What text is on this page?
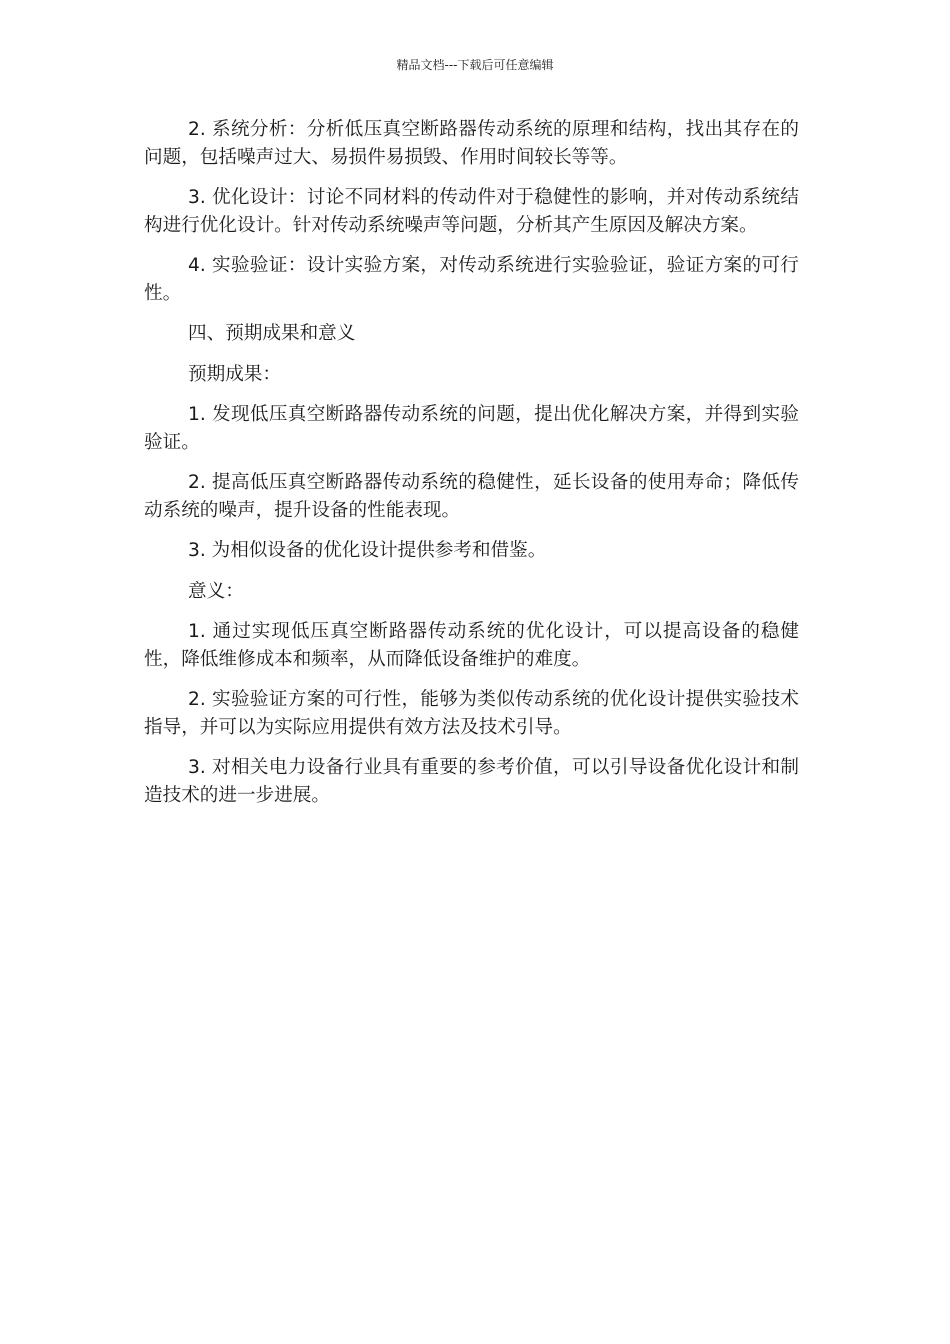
精品文档---下载后可任意编辑

2. 系统分析：分析低压真空断路器传动系统的原理和结构，找出其存在的问题，包括噪声过大、易损件易损毁、作用时间较长等等。

3. 优化设计：讨论不同材料的传动件对于稳健性的影响，并对传动系统结构进行优化设计。针对传动系统噪声等问题，分析其产生原因及解决方案。

4. 实验验证：设计实验方案，对传动系统进行实验验证，验证方案的可行性。

四、预期成果和意义

预期成果：

1. 发现低压真空断路器传动系统的问题，提出优化解决方案，并得到实验验证。

2. 提高低压真空断路器传动系统的稳健性，延长设备的使用寿命；降低传动系统的噪声，提升设备的性能表现。

3. 为相似设备的优化设计提供参考和借鉴。

意义：

1. 通过实现低压真空断路器传动系统的优化设计，可以提高设备的稳健性，降低维修成本和频率，从而降低设备维护的难度。

2. 实验验证方案的可行性，能够为类似传动系统的优化设计提供实验技术指导，并可以为实际应用提供有效方法及技术引导。

3. 对相关电力设备行业具有重要的参考价值，可以引导设备优化设计和制造技术的进一步进展。
